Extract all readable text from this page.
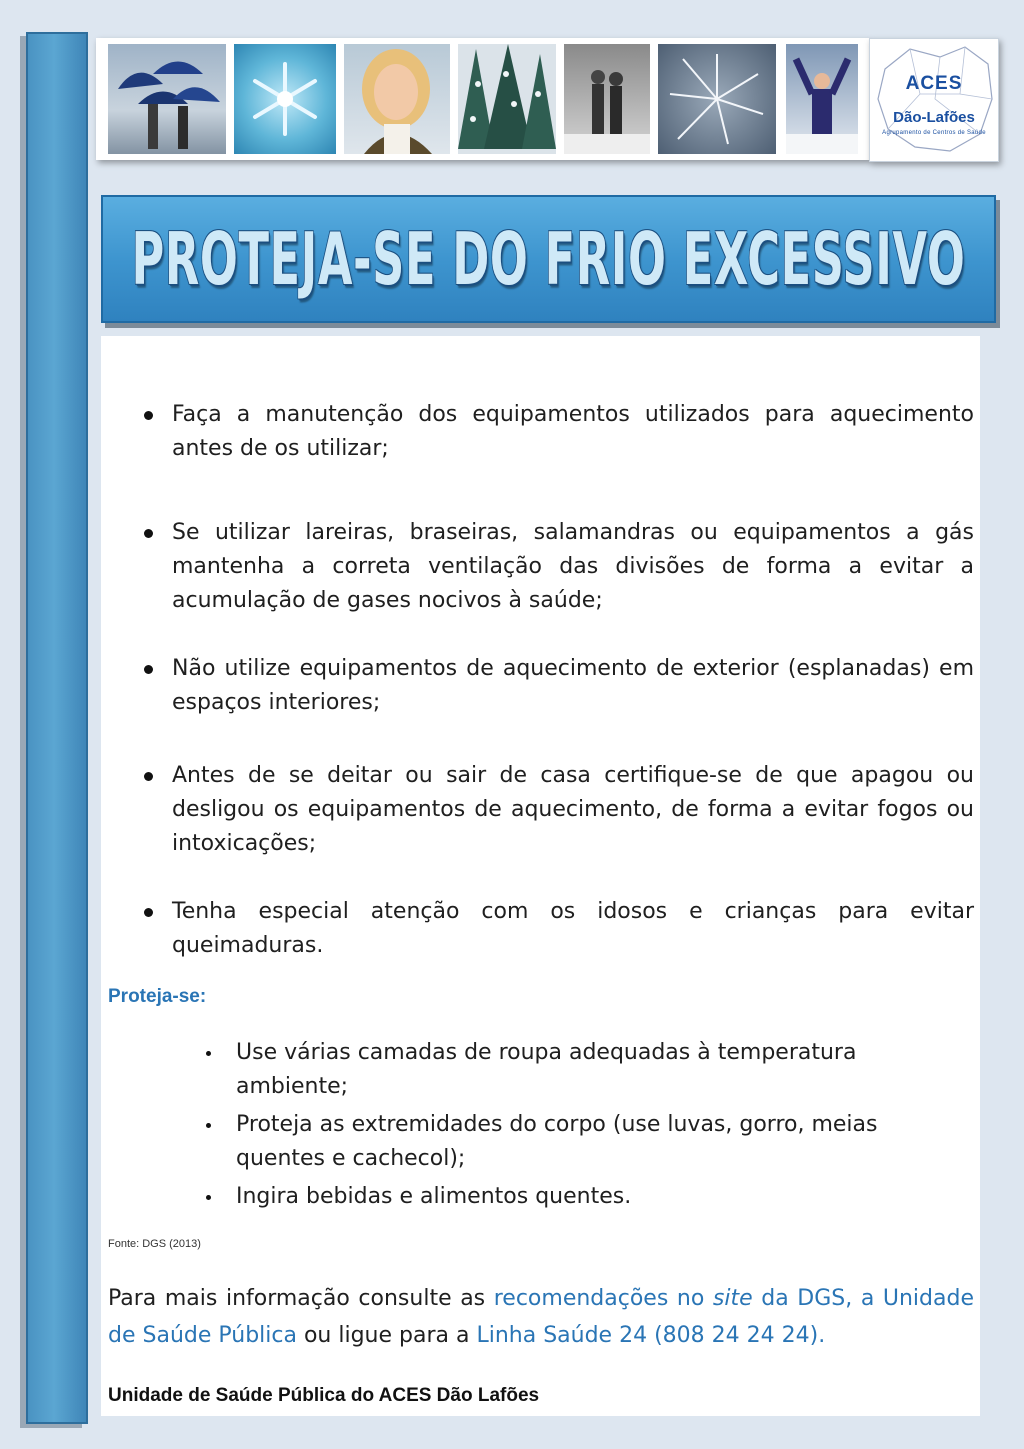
ACES
Dão-Lafões
Agrupamento de Centros de Saúde
PROTEJA-SE DO FRIO EXCESSIVO
Faça a manutenção dos equipamentos utilizados para aquecimento antes de os utilizar;
Se utilizar lareiras, braseiras, salamandras ou equipamentos a gás mantenha a correta ventilação das divisões de forma a evitar a acumulação de gases nocivos à saúde;
Não utilize equipamentos de aquecimento de exterior (esplanadas) em espaços interiores;
Antes de se deitar ou sair de casa certifique-se de que apagou ou desligou os equipamentos de aquecimento, de forma a evitar fogos ou intoxicações;
Tenha especial atenção com os idosos e crianças para evitar queimaduras.
Proteja-se:
Use várias camadas de roupa adequadas à temperatura ambiente;
Proteja as extremidades do corpo (use luvas, gorro, meias quentes e cachecol);
Ingira bebidas e alimentos quentes.
Fonte: DGS (2013)
Para mais informação consulte as recomendações no site da DGS, a Unidade de Saúde Pública ou ligue para a Linha Saúde 24 (808 24 24 24).
Unidade de Saúde Pública do ACES Dão Lafões
